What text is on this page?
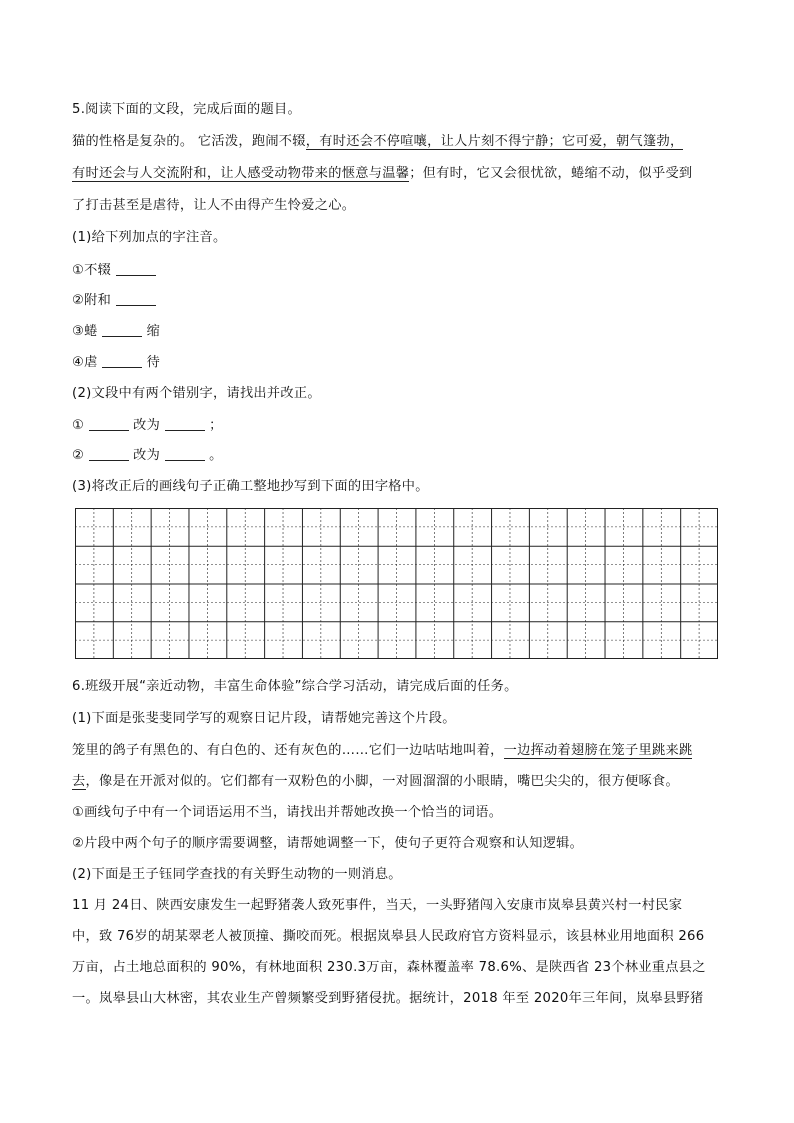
5.阅读下面的文段，完成后面的题目。
猫的性格是复杂的。 它活泼，跑闹不辍，有时还会不停喧嚷，让人片刻不得宁静；它可爱，朝气篷勃，
有时还会与人交流附和，让人感受动物带来的惬意与温馨；但有时，它又会很忧欲，蜷缩不动，似乎受到
了打击甚至是虐待，让人不由得产生怜爱之心。
(1)给下列加点的字注音。
①不辍
②附和
③蜷	缩
④虐	待
(2)文段中有两个错别字，请找出并改正。
①	改为	；
②	改为	。
(3)将改正后的画线句子正确工整地抄写到下面的田字格中。
6.班级开展“亲近动物，丰富生命体验”综合学习活动，请完成后面的任务。
(1)下面是张斐斐同学写的观察日记片段，请帮她完善这个片段。
笼里的鸽子有黑色的、有白色的、还有灰色的……它们一边咕咕地叫着，一边挥动着翅膀在笼子里跳来跳
去，像是在开派对似的。它们都有一双粉色的小脚，一对圆溜溜的小眼睛，嘴巴尖尖的，很方便啄食。
①画线句子中有一个词语运用不当，请找出并帮她改换一个恰当的词语。
②片段中两个句子的顺序需要调整，请帮她调整一下，使句子更符合观察和认知逻辑。
(2)下面是王子钰同学查找的有关野生动物的一则消息。
11 月 24日、陕西安康发生一起野猪袭人致死事件，当天，一头野猪闯入安康市岚皋县黄兴村一村民家
中，致 76岁的胡某翠老人被顶撞、撕咬而死。根据岚皋县人民政府官方资料显示，该县林业用地面积 266
万亩，占土地总面积的 90%，有林地面积 230.3万亩，森林覆盖率 78.6%、是陕西省 23个林业重点县之
一。岚皋县山大林密，其农业生产曾频繁受到野猪侵扰。据统计，2018 年至 2020年三年间，岚皋县野猪
